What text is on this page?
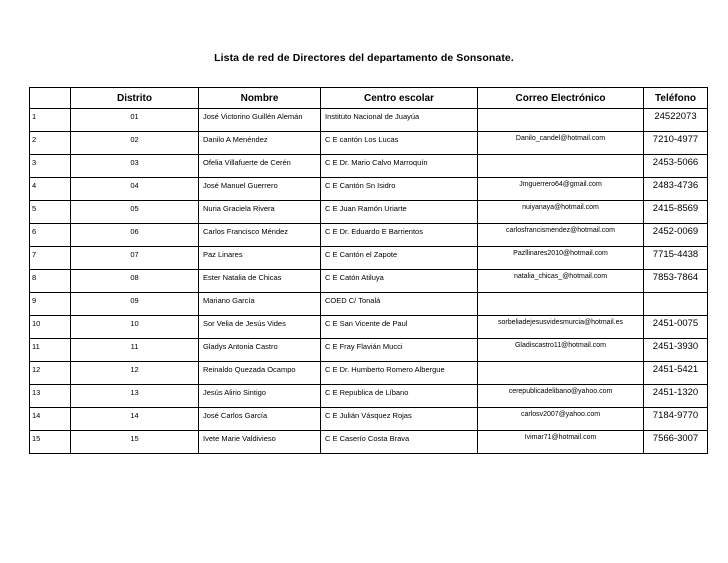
Lista de red de Directores del departamento de Sonsonate.
	Distrito	Nombre	Centro escolar	Correo Electrónico	Teléfono
1	01	José Victorino Guillén Alemán	Instituto Nacional de Juayúa		24522073
2	02	Danilo A Menéndez	C E cantón Los Lucas	Danilo_candel@hotmail.com	7210-4977
3	03	Ofelia Villafuerte de Cerén	C E Dr. Mario Calvo Marroquín		2453-5066
4	04	José Manuel Guerrero	C E Cantón Sn Isidro	Jmguerrero64@gmail.com	2483-4736
5	05	Nuria Graciela Rivera	C E Juan Ramón Uriarte	nuiyanaya@hotmail.com	2415-8569
6	06	Carlos Francisco Méndez	C E Dr. Eduardo E Barrientos	carlosfrancismendez@hotmail.com	2452-0069
7	07	Paz Linares	C E Cantón el Zapote	Pazllinares2010@hotmail.com	7715-4438
8	08	Ester Natalia de Chicas	C E Catón Atiluya	natalia_chicas_@hotmail.com	7853-7864
9	09	Mariano García	COED C/ Tonalá		
10	10	Sor Velia de Jesús Vides	C E San Vicente de Paul	sorbeliadejesusvidesmurcia@hotmail.es	2451-0075
11	11	Gladys Antonia Castro	C E Fray Flavián Mucci	Gladiscastro11@hotmail.com	2451-3930
12	12	Reinaldo Quezada Ocampo	C E Dr. Humberto Romero Albergue		2451-5421
13	13	Jesús Alirio Sintigo	C E Republica de Líbano	cerepublicadelibano@yahoo.com	2451-1320
14	14	José Carlos García	C E Julián Vásquez Rojas	carlosv2007@yahoo.com	7184-9770
15	15	Ivete Marie Valdivieso	C E Caserío Costa Brava	Ivimar71@hotmail.com	7566-3007
